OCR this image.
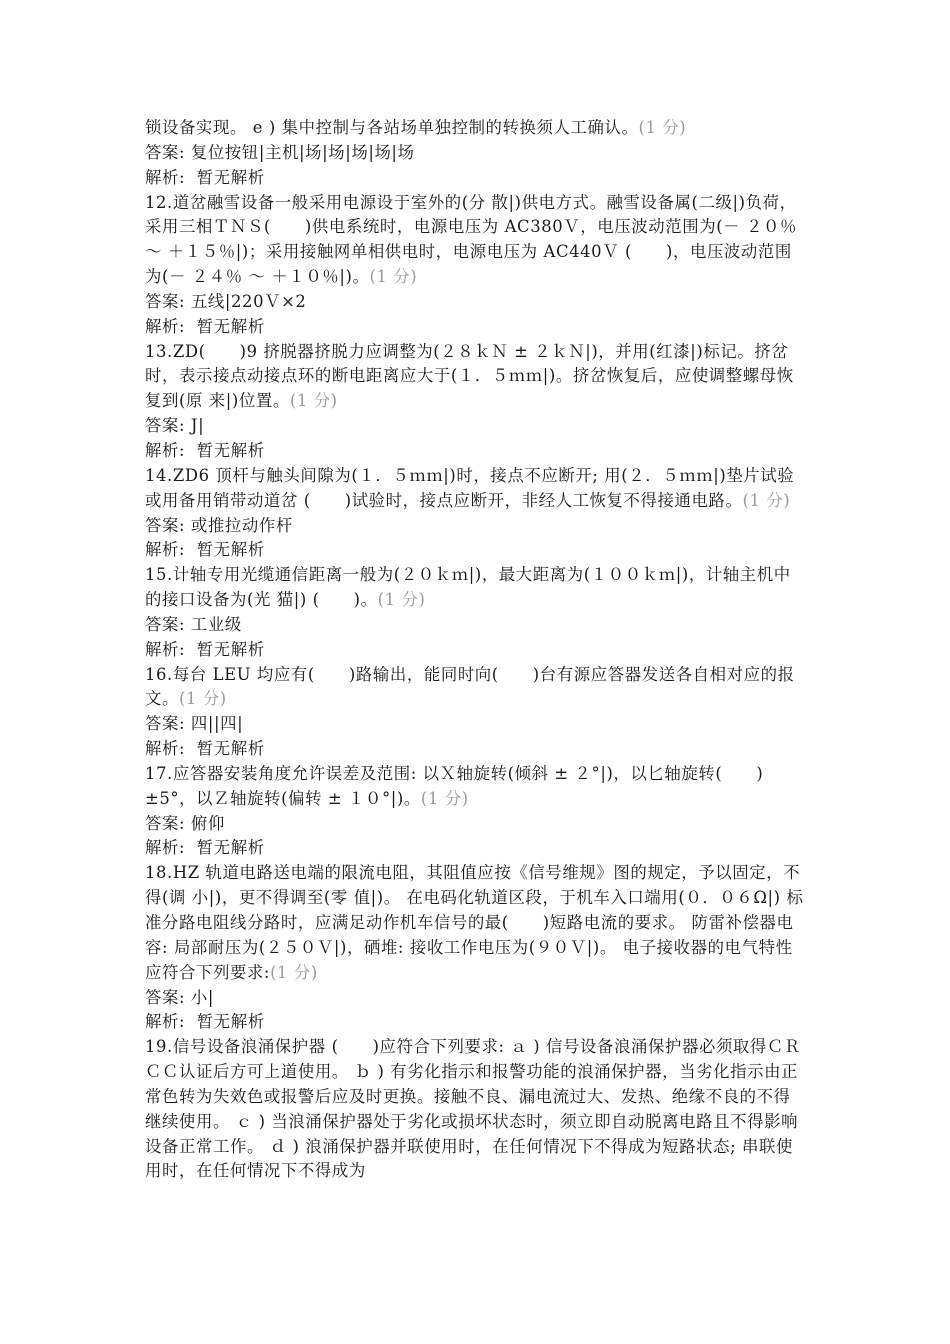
锁设备实现。 e ) 集中控制与各站场单独控制的转换须人工确认。(1 分)
答案: 复位按钮|主机|场|场|场|场|场
解析:  暂无解析
12.道岔融雪设备一般采用电源设于室外的(分 散|)供电方式。融雪设备属(二级|)负荷，采用三相ＴＮＳ(　　)供电系统时，电源电压为 AC380Ｖ，电压波动范围为(－ ２０％ ～ ＋１５％|)；采用接触网单相供电时，电源电压为 AC440Ｖ (　　)，电压波动范围为(－ ２４％ ～ ＋１０％|)。(1 分)
答案: 五线|220Ｖ×2
解析:  暂无解析
13.ZD(　　)9 挤脱器挤脱力应调整为(２８ｋＮ ± ２ｋＮ|)，并用(红漆|)标记。挤岔时，表示接点动接点环的断电距离应大于(１．５ｍｍ|)。挤岔恢复后，应使调整螺母恢复到(原 来|)位置。(1 分)
答案: J|
解析:  暂无解析
14.ZD6 顶杆与触头间隙为(１．５ｍｍ|)时，接点不应断开; 用(２．５ｍｍ|)垫片试验或用备用销带动道岔 (　　)试验时，接点应断开，非经人工恢复不得接通电路。(1 分)
答案: 或推拉动作杆
解析:  暂无解析
15.计轴专用光缆通信距离一般为(２０ｋｍ|)，最大距离为(１００ｋｍ|)，计轴主机中的接口设备为(光 猫|) (　　)。(1 分)
答案: 工业级
解析:  暂无解析
16.每台 LEU 均应有(　　)路输出，能同时向(　　)台有源应答器发送各自相对应的报文。(1 分)
答案: 四||四|
解析:  暂无解析
17.应答器安装角度允许误差及范围: 以Ｘ轴旋转(倾斜 ± ２°|)，以匕轴旋转(　　)±5°，以Ｚ轴旋转(偏转 ± １０°|)。(1 分)
答案: 俯仰
解析:  暂无解析
18.HZ 轨道电路送电端的限流电阻，其阻值应按《信号维规》图的规定，予以固定，不得(调 小|)，更不得调至(零 值|)。 在电码化轨道区段，于机车入口端用(０．０６Ω|) 标准分路电阻线分路时，应满足动作机车信号的最(　　)短路电流的要求。 防雷补偿器电容: 局部耐压为(２５０Ｖ|)，硒堆: 接收工作电压为(９０Ｖ|)。 电子接收器的电气特性应符合下列要求:(1 分)
答案: 小|
解析:  暂无解析
19.信号设备浪涌保护器 (　　)应符合下列要求: ａ ) 信号设备浪涌保护器必须取得ＣＲＣＣ认证后方可上道使用。 ｂ ) 有劣化指示和报警功能的浪涌保护器，当劣化指示由正常色转为失效色或报警后应及时更换。接触不良、漏电流过大、发热、绝缘不良的不得继续使用。 ｃ ) 当浪涌保护器处于劣化或损坏状态时，须立即自动脱离电路且不得影响设备正常工作。 ｄ ) 浪涌保护器并联使用时，在任何情况下不得成为短路状态; 串联使用时，在任何情况下不得成为
